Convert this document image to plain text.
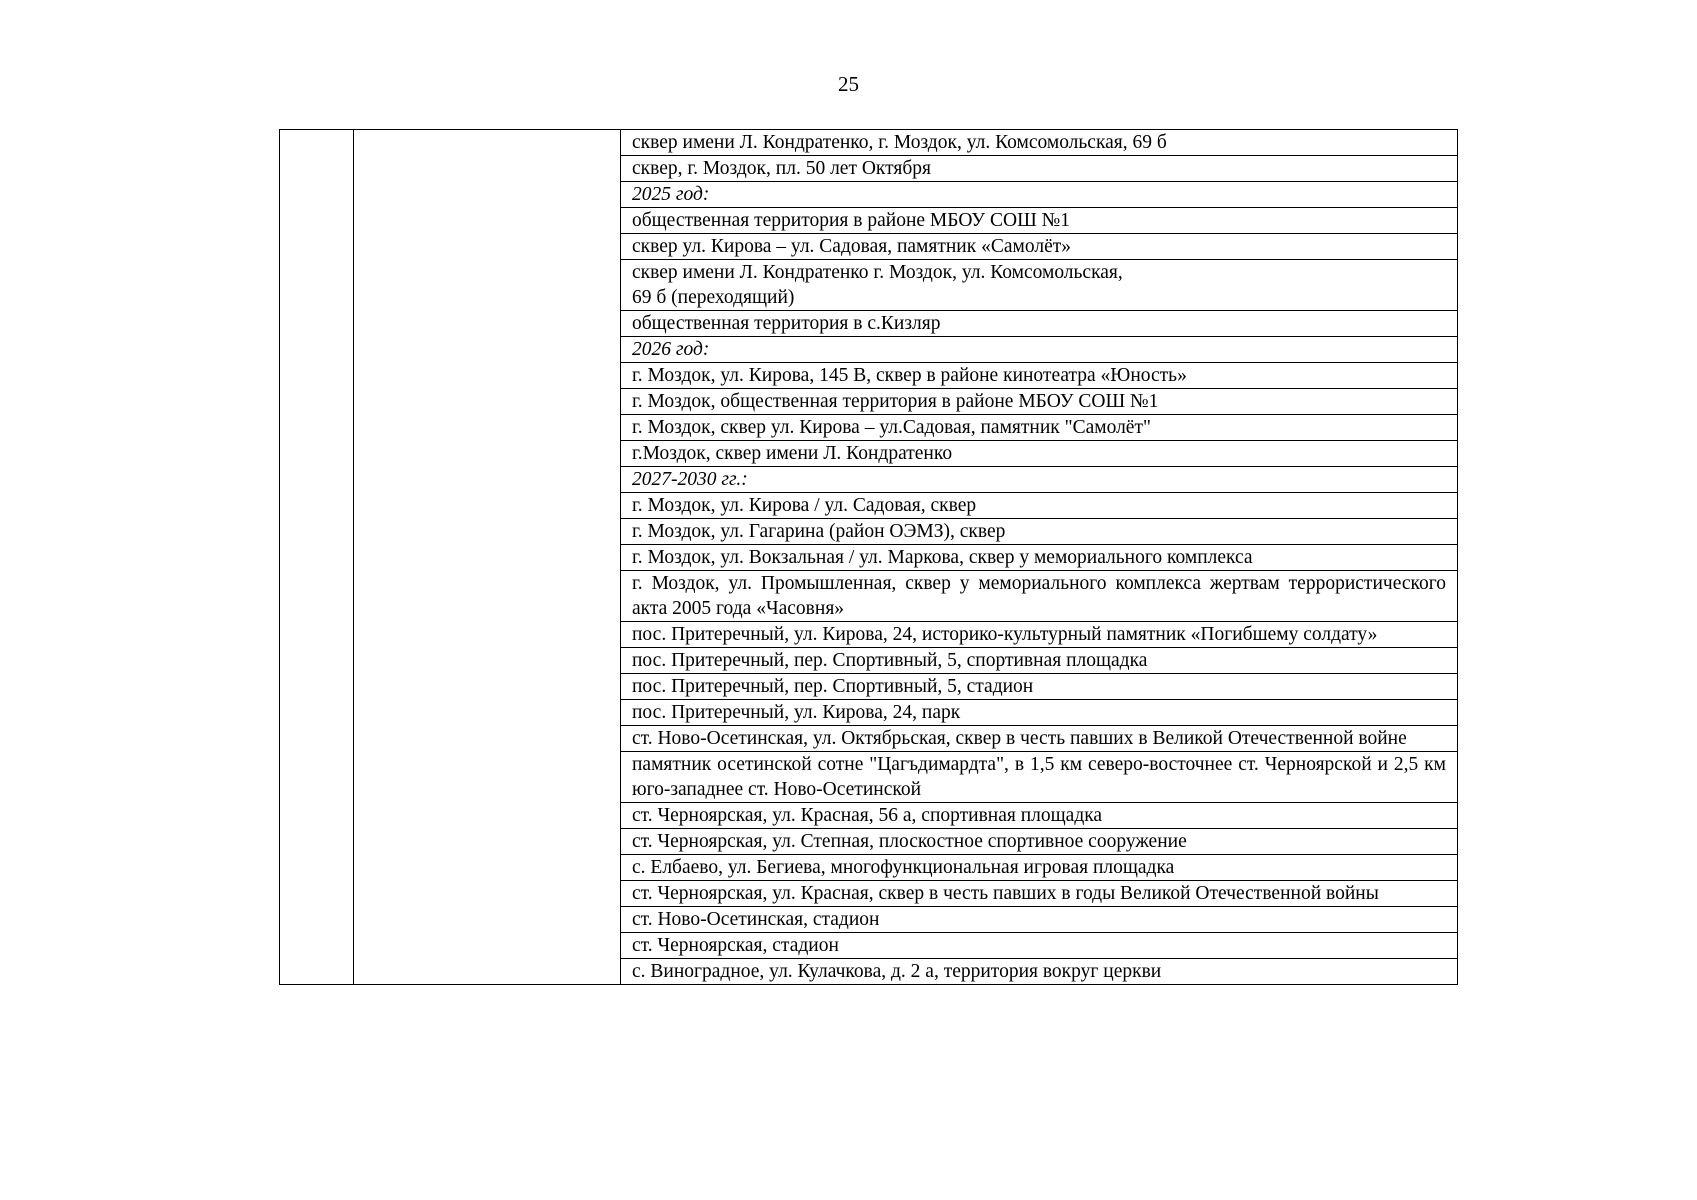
25
		сквер имени Л. Кондратенко, г. Моздок, ул. Комсомольская, 69 б
сквер, г. Моздок, пл. 50 лет Октября
2025 год:
общественная территория в районе МБОУ СОШ №1
сквер ул. Кирова – ул. Садовая, памятник «Самолёт»
сквер имени Л. Кондратенко г. Моздок, ул. Комсомольская,
69 б (переходящий)
общественная территория в с.Кизляр
2026 год:
г. Моздок, ул. Кирова, 145 В, сквер в районе кинотеатра «Юность»
г. Моздок, общественная территория в районе МБОУ СОШ №1
г. Моздок, сквер ул. Кирова – ул.Садовая, памятник "Самолёт"
г.Моздок, сквер имени Л. Кондратенко
2027-2030 гг.:
г. Моздок, ул. Кирова / ул. Садовая, сквер
г. Моздок, ул. Гагарина (район ОЭМЗ), сквер
г. Моздок, ул. Вокзальная / ул. Маркова, сквер у мемориального комплекса
г. Моздок, ул. Промышленная, сквер у мемориального комплекса жертвам террористического акта 2005 года «Часовня»
пос. Притеречный, ул. Кирова, 24, историко-культурный памятник «Погибшему солдату»
пос. Притеречный, пер. Спортивный, 5, спортивная площадка
пос. Притеречный, пер. Спортивный, 5, стадион
пос. Притеречный, ул. Кирова, 24, парк
ст. Ново-Осетинская, ул. Октябрьская, сквер в честь павших в Великой Отечественной войне
памятник осетинской сотне "Цагъдимардта", в 1,5 км северо-восточнее ст. Черноярской и 2,5 км юго-западнее ст. Ново-Осетинской
ст. Черноярская, ул. Красная, 56 а, спортивная площадка
ст. Черноярская, ул. Степная, плоскостное спортивное сооружение
с. Елбаево, ул. Бегиева, многофункциональная игровая площадка
ст. Черноярская, ул. Красная, сквер в честь павших в годы Великой Отечественной войны
ст. Ново-Осетинская, стадион
ст. Черноярская, стадион
с. Виноградное, ул. Кулачкова, д. 2 а, территория вокруг церкви
